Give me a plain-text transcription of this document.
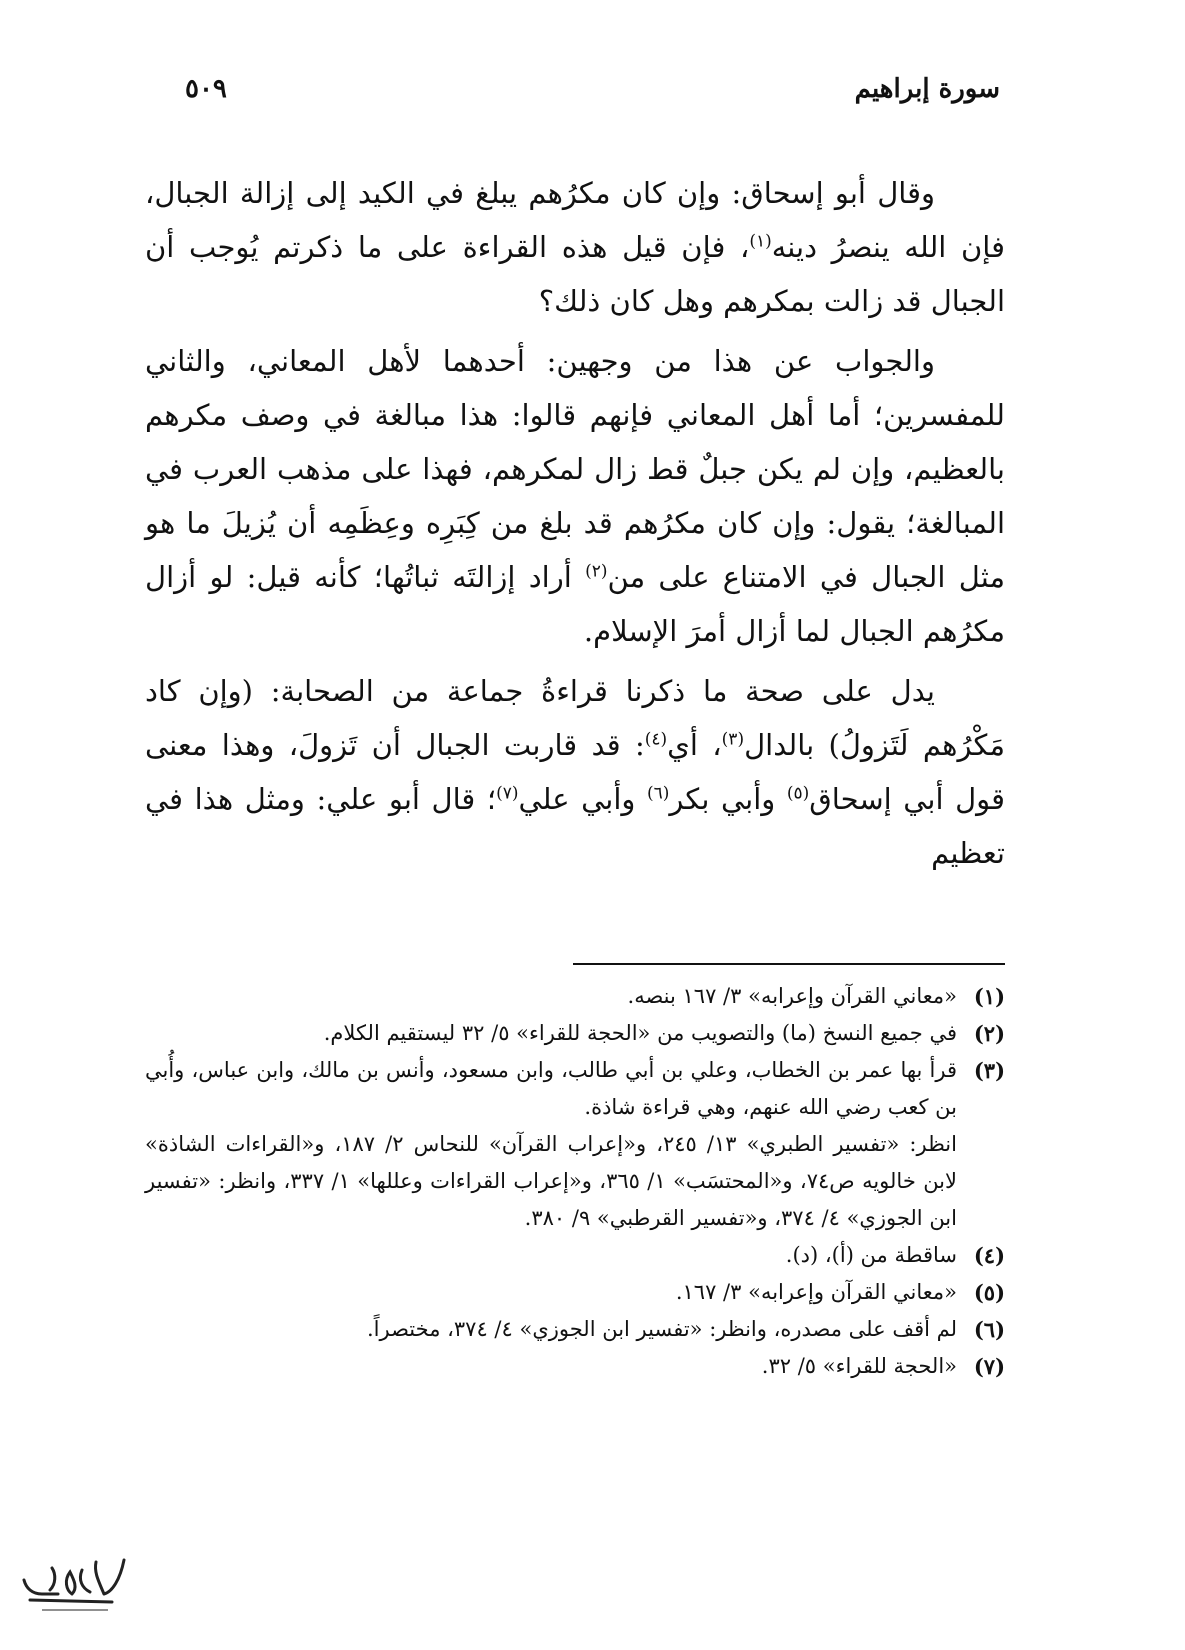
سورة إبراهيم
٥٠٩

وقال أبو إسحاق: وإن كان مكرُهم يبلغ في الكيد إلى إزالة الجبال، فإن الله ينصرُ دينه$^{(١)}$، فإن قيل هذه القراءة على ما ذكرتم يُوجب أن الجبال قد زالت بمكرهم وهل كان ذلك؟

والجواب عن هذا من وجهين: أحدهما لأهل المعاني، والثاني للمفسرين؛ أما أهل المعاني فإنهم قالوا: هذا مبالغة في وصف مكرهم بالعظيم، وإن لم يكن جبلٌ قط زال لمكرهم، فهذا على مذهب العرب في المبالغة؛ يقول: وإن كان مكرُهم قد بلغ من كِبَرِه وعِظَمِه أن يُزيلَ ما هو مثل الجبال في الامتناع على من$^{(٢)}$ أراد إزالتَه ثباتُها؛ كأنه قيل: لو أزال مكرُهم الجبال لما أزال أمرَ الإسلام.

يدل على صحة ما ذكرنا قراءةُ جماعة من الصحابة: (وإن كاد مَكْرُهم لَتَزولُ) بالدال$^{(٣)}$، أي$^{(٤)}$: قد قاربت الجبال أن تَزولَ، وهذا معنى قول أبي إسحاق$^{(٥)}$ وأبي بكر$^{(٦)}$ وأبي علي$^{(٧)}$؛ قال أبو علي: ومثل هذا في تعظيم

(١)
«معاني القرآن وإعرابه» ٣/ ١٦٧ بنصه.
(٢)
في جميع النسخ (ما) والتصويب من «الحجة للقراء» ٥/ ٣٢ ليستقيم الكلام.
(٣)
قرأ بها عمر بن الخطاب، وعلي بن أبي طالب، وابن مسعود، وأنس بن مالك، وابن عباس، وأُبي بن كعب رضي الله عنهم، وهي قراءة شاذة.
انظر: «تفسير الطبري» ١٣/ ٢٤٥، و«إعراب القرآن» للنحاس ٢/ ١٨٧، و«القراءات الشاذة» لابن خالويه ص٧٤، و«المحتسَب» ١/ ٣٦٥، و«إعراب القراءات وعللها» ١/ ٣٣٧، وانظر: «تفسير ابن الجوزي» ٤/ ٣٧٤، و«تفسير القرطبي» ٩/ ٣٨٠.
(٤)
ساقطة من (أ)، (د).
(٥)
«معاني القرآن وإعرابه» ٣/ ١٦٧.
(٦)
لم أقف على مصدره، وانظر: «تفسير ابن الجوزي» ٤/ ٣٧٤، مختصراً.
(٧)
«الحجة للقراء» ٥/ ٣٢.
